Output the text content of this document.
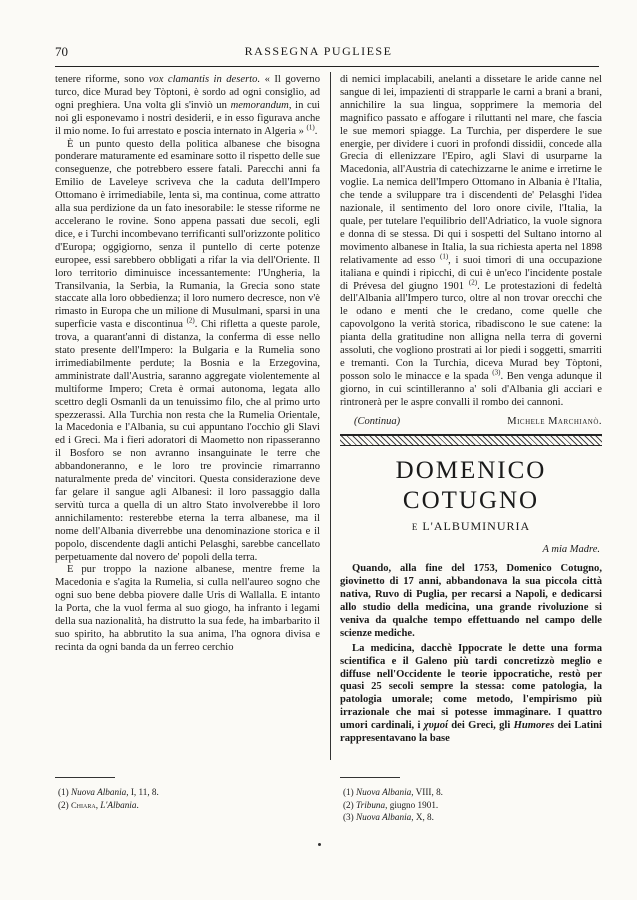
70	RASSEGNA PUGLIESE

tenere riforme, sono vox clamantis in deserto. « Il governo turco, dice Murad bey Tòptoni, è sordo ad ogni consiglio, ad ogni preghiera. Una volta gli s'inviò un memorandum, in cui noi gli esponevamo i nostri desiderii, e in esso figurava anche il mio nome. Io fui arrestato e poscia internato in Algeria » $^{(1)}$.

È un punto questo della politica albanese che bisogna ponderare maturamente ed esaminare sotto il rispetto delle sue conseguenze, che potrebbero essere fatali. Parecchi anni fa Emilio de Laveleye scriveva che la caduta dell'Impero Ottomano è irrimediabile, lenta sì, ma continua, come attratto alla sua perdizione da un fato inesorabile: le stesse riforme ne accelerano le rovine. Sono appena passati due secoli, egli dice, e i Turchi incombevano terrificanti sull'orizzonte politico d'Europa; oggigiorno, senza il puntello di certe potenze europee, essi sarebbero obbligati a rifar la via dell'Oriente. Il loro territorio diminuisce incessantemente: l'Ungheria, la Transilvania, la Serbia, la Rumania, la Grecia sono state staccate alla loro obbedienza; il loro numero decresce, non v'è rimasto in Europa che un milione di Musulmani, sparsi in una superficie vasta e discontinua $^{(2)}$. Chi rifletta a queste parole, trova, a quarant'anni di distanza, la conferma di esse nello stato presente dell'Impero: la Bulgaria e la Rumelia sono irrimediabilmente perdute; la Bosnia e la Erzegovina, amministrate dall'Austria, saranno aggregate violentemente al multiforme Impero; Creta è ormai autonoma, legata allo scettro degli Osmanli da un tenuissimo filo, che al primo urto spezzerassi. Alla Turchia non resta che la Rumelia Orientale, la Macedonia e l'Albania, su cui appuntano l'occhio gli Slavi ed i Greci. Ma i fieri adoratori di Maometto non ripasseranno il Bosforo se non avranno insanguinate le terre che abbandoneranno, e le loro tre provincie rimarranno naturalmente preda de' vincitori. Questa considerazione deve far gelare il sangue agli Albanesi: il loro passaggio dalla servitù turca a quella di un altro Stato involverebbe il loro annichilamento: resterebbe eterna la terra albanese, ma il nome dell'Albania diverrebbe una denominazione storica e il popolo, discendente dagli antichi Pelasghi, sarebbe cancellato perpetuamente dal novero de' popoli della terra.

E pur troppo la nazione albanese, mentre freme la Macedonia e s'agita la Rumelia, si culla nell'aureo sogno che ogni suo bene debba piovere dalle Uris di Wallalla. E intanto la Porta, che la vuol ferma al suo giogo, ha infranto i legami della sua nazionalità, ha distrutto la sua fede, ha imbarbarito il suo spirito, ha abbrutito la sua anima, l'ha ognora divisa e recinta da ogni banda da un ferreo cerchio

di nemici implacabili, anelanti a dissetare le aride canne nel sangue di lei, impazienti di strapparle le carni a brani a brani, annichilire la sua lingua, sopprimere la memoria del magnifico passato e affogare i riluttanti nel mare, che fascia le sue memori spiagge. La Turchia, per disperdere le sue energie, per dividere i cuori in profondi dissidii, concede alla Grecia di ellenizzare l'Epiro, agli Slavi di usurparne la Macedonia, all'Austria di catechizzarne le anime e irretirne le voglie. La nemica dell'Impero Ottomano in Albania è l'Italia, che tende a sviluppare tra i discendenti de' Pelasghi l'idea nazionale, il sentimento del loro onore civile, l'Italia, la quale, per tutelare l'equilibrio dell'Adriatico, la vuole signora e donna di se stessa. Di qui i sospetti del Sultano intorno al movimento albanese in Italia, la sua richiesta aperta nel 1898 relativamente ad esso $^{(1)}$, i suoi timori di una occupazione italiana e quindi i ripicchi, di cui è un'eco l'incidente postale di Prévesa del giugno 1901 $^{(2)}$. Le protestazioni di fedeltà dell'Albania all'Impero turco, oltre al non trovar orecchi che le odano e menti che le credano, come quelle che capovolgono la verità storica, ribadiscono le sue catene: la pianta della gratitudine non alligna nella terra di governi assoluti, che vogliono prostrati ai lor piedi i soggetti, smarriti e tremanti. Con la Turchia, diceva Murad bey Tòptoni, posson solo le minacce e la spada $^{(3)}$. Ben venga adunque il giorno, in cui scintilleranno a' soli d'Albania gli acciari e rintronerà per le aspre convalli il rombo dei cannoni.

(Continua)	Michele Marchianò.
DOMENICO COTUGNO
E L'ALBUMINURIA
A mia Madre.

Quando, alla fine del 1753, Domenico Cotugno, giovinetto di 17 anni, abbandonava la sua piccola città nativa, Ruvo di Puglia, per recarsi a Napoli, e dedicarsi allo studio della medicina, una grande rivoluzione si veniva da qualche tempo effettuando nel campo delle scienze mediche.

La medicina, dacchè Ippocrate le dette una forma scientifica e il Galeno più tardi concretizzò meglio e diffuse nell'Occidente le teorie ippocratiche, restò per quasi 25 secoli sempre la stessa: come patologia, la patologia umorale; come metodo, l'empirismo più irrazionale che mai si potesse immaginare. I quattro umori cardinali, i χυμοί dei Greci, gli Humores dei Latini rappresentavano la base

(1) Nuova Albania, I, 11, 8.

(2) Chiara, L'Albania.

(1) Nuova Albania, VIII, 8.

(2) Tribuna, giugno 1901.

(3) Nuova Albania, X, 8.
